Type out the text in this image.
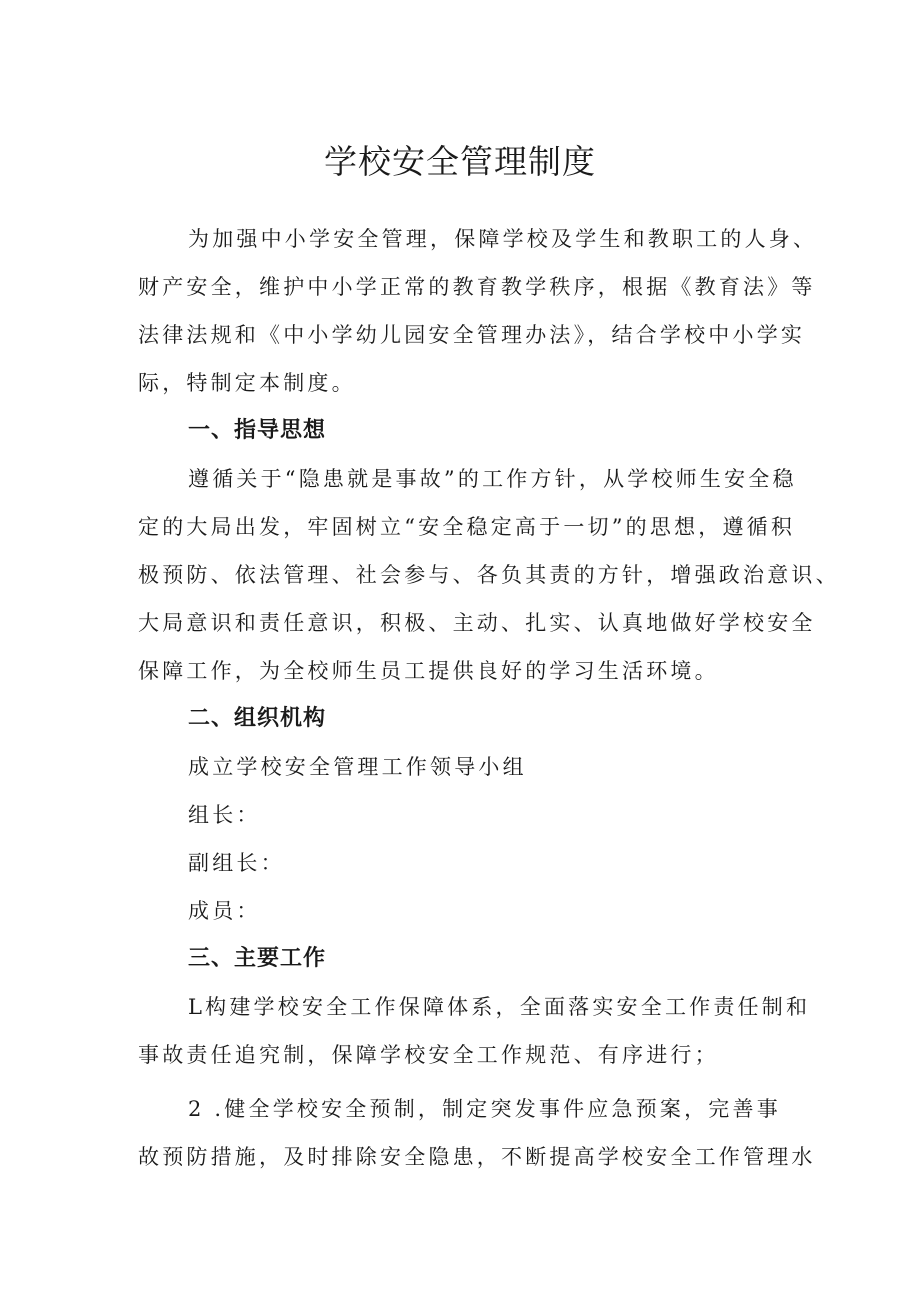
学校安全管理制度
为加强中小学安全管理，保障学校及学生和教职工的人身、
财产安全，维护中小学正常的教育教学秩序，根据《教育法》等
法律法规和《中小学幼儿园安全管理办法》，结合学校中小学实
际，特制定本制度。
一、指导思想
遵循关于“隐患就是事故”的工作方针，从学校师生安全稳
定的大局出发，牢固树立“安全稳定高于一切”的思想，遵循积
极预防、依法管理、社会参与、各负其责的方针，增强政治意识、
大局意识和责任意识，积极、主动、扎实、认真地做好学校安全
保障工作，为全校师生员工提供良好的学习生活环境。
二、组织机构
成立学校安全管理工作领导小组
组长：
副组长：
成员：
三、主要工作
L构建学校安全工作保障体系，全面落实安全工作责任制和
事故责任追究制，保障学校安全工作规范、有序进行；
2 .健全学校安全预制，制定突发事件应急预案，完善事
故预防措施，及时排除安全隐患，不断提高学校安全工作管理水
